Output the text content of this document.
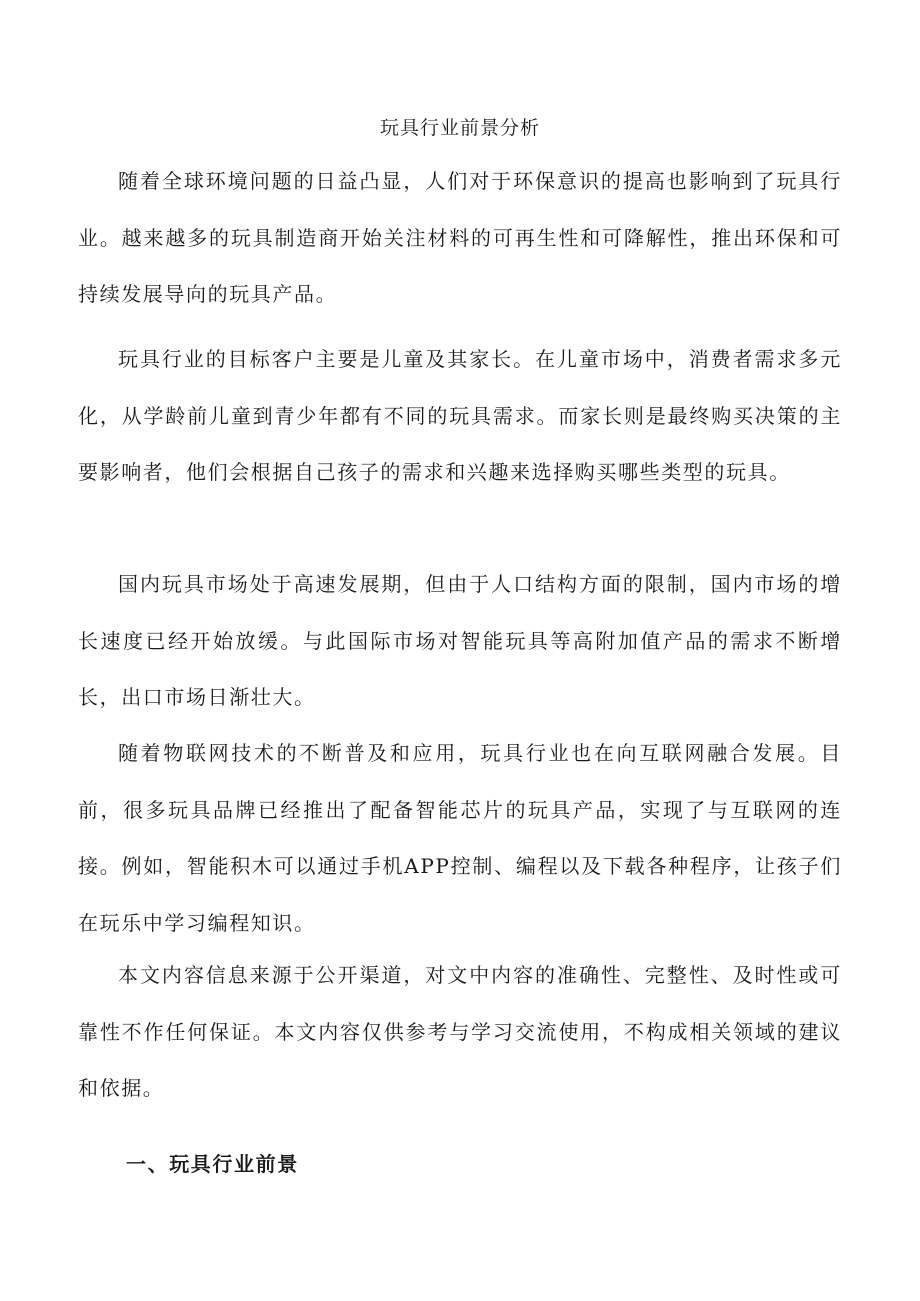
玩具行业前景分析

随着全球环境问题的日益凸显，人们对于环保意识的提高也影响到了玩具行业。越来越多的玩具制造商开始关注材料的可再生性和可降解性，推出环保和可持续发展导向的玩具产品。

玩具行业的目标客户主要是儿童及其家长。在儿童市场中，消费者需求多元化，从学龄前儿童到青少年都有不同的玩具需求。而家长则是最终购买决策的主要影响者，他们会根据自己孩子的需求和兴趣来选择购买哪些类型的玩具。

国内玩具市场处于高速发展期，但由于人口结构方面的限制，国内市场的增长速度已经开始放缓。与此国际市场对智能玩具等高附加值产品的需求不断增长，出口市场日渐壮大。

随着物联网技术的不断普及和应用，玩具行业也在向互联网融合发展。目前，很多玩具品牌已经推出了配备智能芯片的玩具产品，实现了与互联网的连接。例如，智能积木可以通过手机APP控制、编程以及下载各种程序，让孩子们在玩乐中学习编程知识。

本文内容信息来源于公开渠道，对文中内容的准确性、完整性、及时性或可靠性不作任何保证。本文内容仅供参考与学习交流使用，不构成相关领域的建议和依据。

一、玩具行业前景
